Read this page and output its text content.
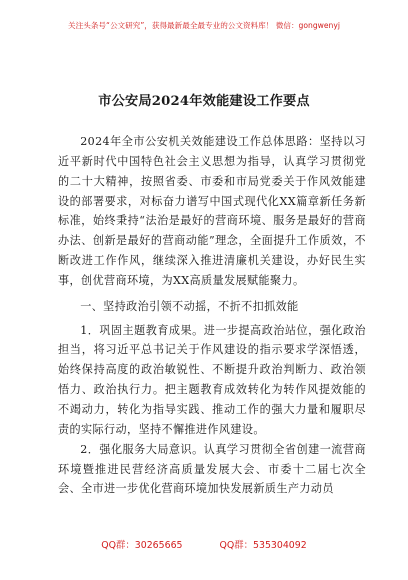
关注头条号“公文研究”，获得最新最全最专业的公文资料库！ 微信：gongwenyj
市公安局2024年效能建设工作要点

2024年全市公安机关效能建设工作总体思路：坚持以习近平新时代中国特色社会主义思想为指导，认真学习贯彻党的二十大精神，按照省委、市委和市局党委关于作风效能建设的部署要求，对标奋力谱写中国式现代化XX篇章新任务新标准，始终秉持“法治是最好的营商环境、服务是最好的营商办法、创新是最好的营商动能”理念，全面提升工作质效，不断改进工作作风，继续深入推进清廉机关建设，办好民生实事，创优营商环境，为XX高质量发展赋能聚力。

一、坚持政治引领不动摇，不折不扣抓效能

1．巩固主题教育成果。进一步提高政治站位，强化政治担当，将习近平总书记关于作风建设的指示要求学深悟透，始终保持高度的政治敏锐性、不断提升政治判断力、政治领悟力、政治执行力。把主题教育成效转化为转作风提效能的不竭动力，转化为指导实践、推动工作的强大力量和履职尽责的实际行动，坚持不懈推进作风建设。

2．强化服务大局意识。认真学习贯彻全省创建一流营商环境暨推进民营经济高质量发展大会、市委十二届七次全会、全市进一步优化营商环境加快发展新质生产力动员

QQ群：30265665	QQ群：535304092
